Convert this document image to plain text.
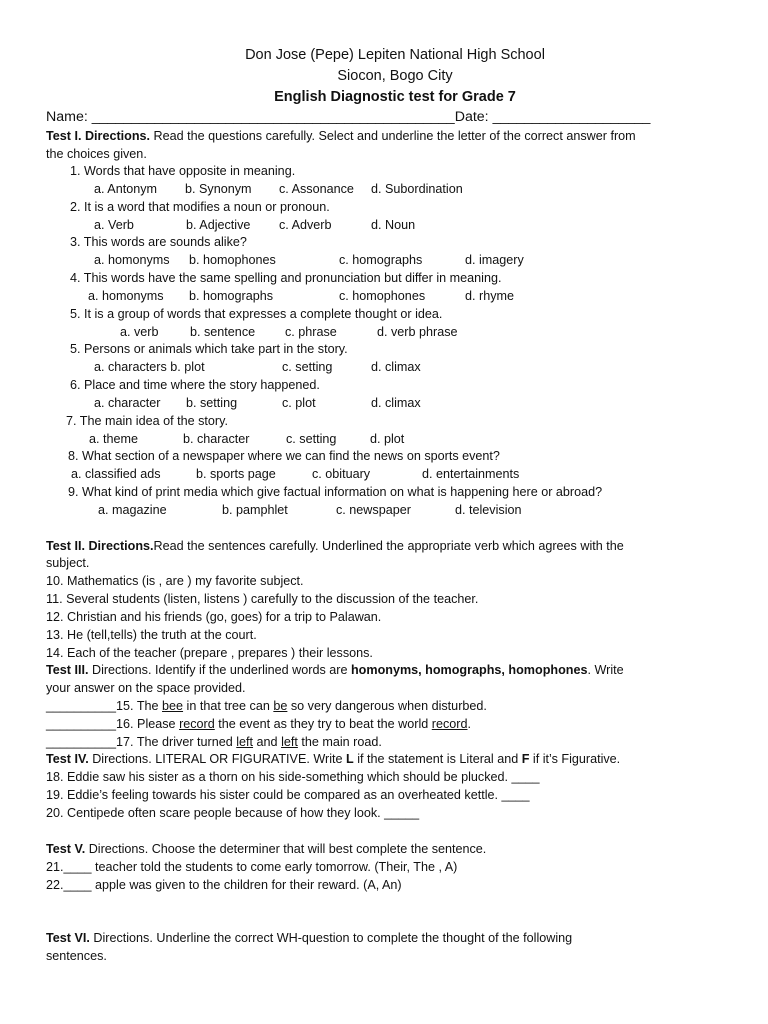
Don Jose (Pepe) Lepiten National High School
Siocon, Bogo City
English Diagnostic test for Grade 7
Name: ______________________________________________Date: ____________________
Test I. Directions. Read the questions carefully. Select and underline the letter of the correct answer from
the choices given.
1. Words that have opposite in meaning.
a. Antonym b. Synonym c. Assonance d. Subordination
2. It is a word that modifies a noun or pronoun.
a. Verb	b. Adjective c. Adverb	d. Noun
3. This words are sounds alike?
a. homonyms b. homophones	c. homographs	d. imagery
4. This words have the same spelling and pronunciation but differ in meaning.
a. homonyms b. homographs	c. homophones	d. rhyme
5. It is a group of words that expresses a complete thought or idea.
a. verb b. sentence c. phrase	d. verb phrase
5. Persons or animals which take part in the story.
a. characters b. plot	c. setting	d. climax
6. Place and time where the story happened.
a. character b. setting	c. plot	d. climax
7. The main idea of the story.
a. theme	b. character	c. setting	d. plot
8. What section of a newspaper where we can find the news on sports event?
a. classified ads	b. sports page	c. obituary	d. entertainments
9. What kind of print media which give factual information on what is happening here or abroad?
a. magazine	b. pamphlet	c. newspaper	d. television
Test II. Directions.Read the sentences carefully. Underlined the appropriate verb which agrees with the
subject.
10. Mathematics (is , are ) my favorite subject.
11. Several students (listen, listens ) carefully to the discussion of the teacher.
12. Christian and his friends (go, goes) for a trip to Palawan.
13. He (tell,tells) the truth at the court.
14. Each of the teacher (prepare , prepares ) their lessons.
Test III. Directions. Identify if the underlined words are homonyms, homographs, homophones. Write
your answer on the space provided.
__________15. The bee in that tree can be so very dangerous when disturbed.
__________16. Please record the event as they try to beat the world record.
__________17. The driver turned left and left the main road.
Test IV. Directions. LITERAL OR FIGURATIVE. Write L if the statement is Literal and F if it’s Figurative.
18. Eddie saw his sister as a thorn on his side-something which should be plucked. ____
19. Eddie’s feeling towards his sister could be compared as an overheated kettle. ____
20. Centipede often scare people because of how they look. _____
Test V. Directions. Choose the determiner that will best complete the sentence.
21.____ teacher told the students to come early tomorrow. (Their, The , A)
22.____ apple was given to the children for their reward. (A, An)
Test VI. Directions. Underline the correct WH-question to complete the thought of the following
sentences.
